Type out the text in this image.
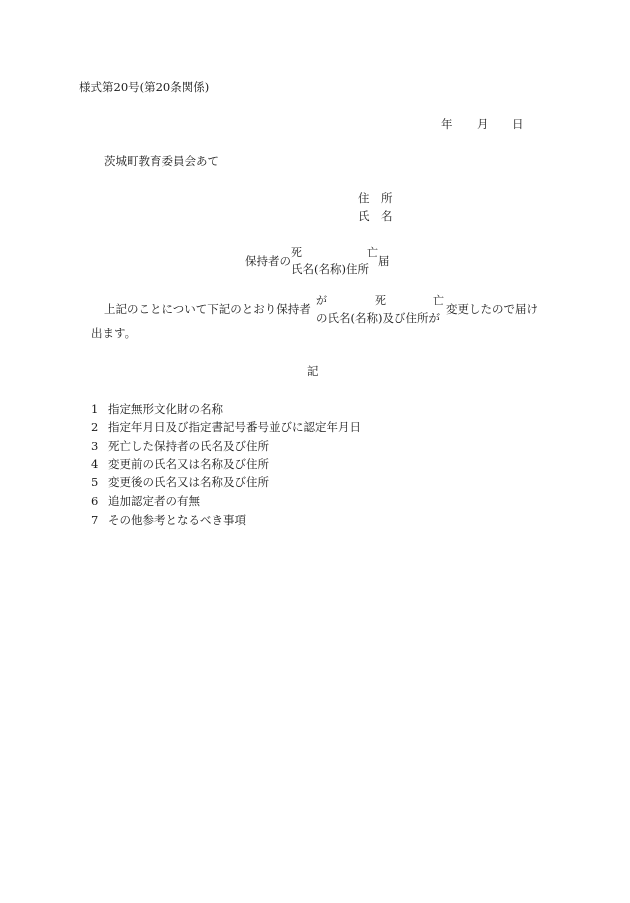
様式第20号(第20条関係)
年 月 日
茨城町教育委員会あて
住　所
氏　名
保持者の
死
氏名(名称)住所
亡
届
上記のことについて下記のとおり保持者
が	死
の氏名(名称)及び住所が
亡
変更したので届け
出ます。
記
1 指定無形文化財の名称
2 指定年月日及び指定書記号番号並びに認定年月日
3 死亡した保持者の氏名及び住所
4 変更前の氏名又は名称及び住所
5 変更後の氏名又は名称及び住所
6 追加認定者の有無
7 その他参考となるべき事項
